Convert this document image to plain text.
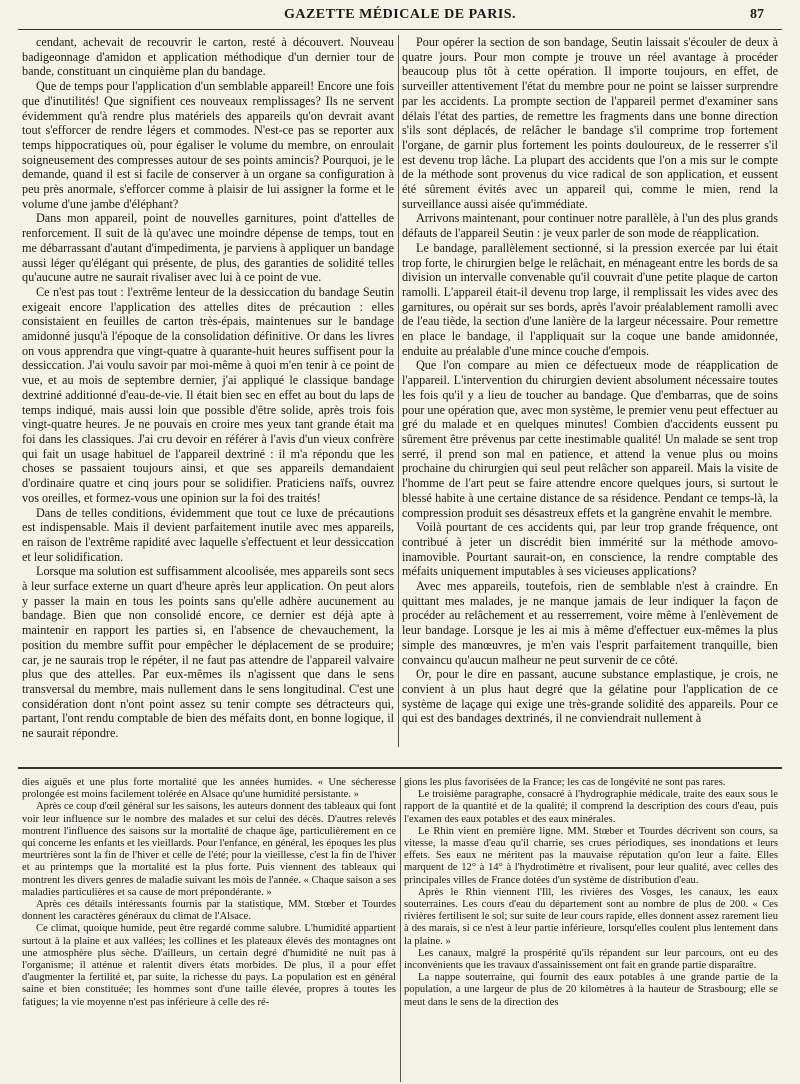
GAZETTE MÉDICALE DE PARIS.	87

cendant, achevait de recouvrir le carton, resté à découvert. Nouveau badigeonnage d'amidon et application méthodique d'un dernier tour de bande, constituant un cinquième plan du bandage.

Que de temps pour l'application d'un semblable appareil! Encore une fois que d'inutilités! Que signifient ces nouveaux remplissages? Ils ne servent évidemment qu'à rendre plus matériels des appareils qu'on devrait avant tout s'efforcer de rendre légers et commodes. N'est-ce pas se reporter aux temps hippocratiques où, pour égaliser le volume du membre, on enroulait soigneusement des compresses autour de ses points amincis? Pourquoi, je le demande, quand il est si facile de conserver à un organe sa configuration à peu près anormale, s'efforcer comme à plaisir de lui assigner la forme et le volume d'une jambe d'éléphant?

Dans mon appareil, point de nouvelles garnitures, point d'attelles de renforcement. Il suit de là qu'avec une moindre dépense de temps, tout en me débarrassant d'autant d'impedimenta, je parviens à appliquer un bandage aussi léger qu'élégant qui présente, de plus, des garanties de solidité telles qu'aucune autre ne saurait rivaliser avec lui à ce point de vue.

Ce n'est pas tout : l'extrême lenteur de la dessiccation du bandage Seutin exigeait encore l'application des attelles dites de précaution : elles consistaient en feuilles de carton très-épais, maintenues sur le bandage amidonné jusqu'à l'époque de la consolidation définitive. Or dans les livres on vous apprendra que vingt-quatre à quarante-huit heures suffisent pour la dessiccation. J'ai voulu savoir par moi-même à quoi m'en tenir à ce point de vue, et au mois de septembre dernier, j'ai appliqué le classique bandage dextriné additionné d'eau-de-vie. Il était bien sec en effet au bout du laps de temps indiqué, mais aussi loin que possible d'être solide, après trois fois vingt-quatre heures. Je ne pouvais en croire mes yeux tant grande était ma foi dans les classiques. J'ai cru devoir en référer à l'avis d'un vieux confrère qui fait un usage habituel de l'appareil dextriné : il m'a répondu que les choses se passaient toujours ainsi, et que ses appareils demandaient d'ordinaire quatre et cinq jours pour se solidifier. Praticiens naïfs, ouvrez vos oreilles, et formez-vous une opinion sur la foi des traités!

Dans de telles conditions, évidemment que tout ce luxe de précautions est indispensable. Mais il devient parfaitement inutile avec mes appareils, en raison de l'extrême rapidité avec laquelle s'effectuent et leur dessiccation et leur solidification.

Lorsque ma solution est suffisamment alcoolisée, mes appareils sont secs à leur surface externe un quart d'heure après leur application. On peut alors y passer la main en tous les points sans qu'elle adhère aucunement au bandage. Bien que non consolidé encore, ce dernier est déjà apte à maintenir en rapport les parties si, en l'absence de chevauchement, la position du membre suffit pour empêcher le déplacement de se produire; car, je ne saurais trop le répéter, il ne faut pas attendre de l'appareil valvaire plus que des attelles. Par eux-mêmes ils n'agissent que dans le sens transversal du membre, mais nullement dans le sens longitudinal. C'est une considération dont n'ont point assez su tenir compte ses détracteurs qui, partant, l'ont rendu comptable de bien des méfaits dont, en bonne logique, il ne saurait répondre.

Pour opérer la section de son bandage, Seutin laissait s'écouler de deux à quatre jours. Pour mon compte je trouve un réel avantage à procéder beaucoup plus tôt à cette opération. Il importe toujours, en effet, de surveiller attentivement l'état du membre pour ne point se laisser surprendre par les accidents. La prompte section de l'appareil permet d'examiner sans délais l'état des parties, de remettre les fragments dans une bonne direction s'ils sont déplacés, de relâcher le bandage s'il comprime trop fortement l'organe, de garnir plus fortement les points douloureux, de le resserrer s'il est devenu trop lâche. La plupart des accidents que l'on a mis sur le compte de la méthode sont provenus du vice radical de son application, et eussent été sûrement évités avec un appareil qui, comme le mien, rend la surveillance aussi aisée qu'immédiate.

Arrivons maintenant, pour continuer notre parallèle, à l'un des plus grands défauts de l'appareil Seutin : je veux parler de son mode de réapplication.

Le bandage, parallèlement sectionné, si la pression exercée par lui était trop forte, le chirurgien belge le relâchait, en ménageant entre les bords de sa division un intervalle convenable qu'il couvrait d'une petite plaque de carton ramolli. L'appareil était-il devenu trop large, il remplissait les vides avec des garnitures, ou opérait sur ses bords, après l'avoir préalablement ramolli avec de l'eau tiède, la section d'une lanière de la largeur nécessaire. Pour remettre en place le bandage, il l'appliquait sur la coque une bande amidonnée, enduite au préalable d'une mince couche d'empois.

Que l'on compare au mien ce défectueux mode de réapplication de l'appareil. L'intervention du chirurgien devient absolument nécessaire toutes les fois qu'il y a lieu de toucher au bandage. Que d'embarras, que de soins pour une opération que, avec mon système, le premier venu peut effectuer au gré du malade et en quelques minutes! Combien d'accidents eussent pu sûrement être prévenus par cette inestimable qualité! Un malade se sent trop serré, il prend son mal en patience, et attend la venue plus ou moins prochaine du chirurgien qui seul peut relâcher son appareil. Mais la visite de l'homme de l'art peut se faire attendre encore quelques jours, si surtout le blessé habite à une certaine distance de sa résidence. Pendant ce temps-là, la compression produit ses désastreux effets et la gangrène envahit le membre.

Voilà pourtant de ces accidents qui, par leur trop grande fréquence, ont contribué à jeter un discrédit bien immérité sur la méthode amovo-inamovible. Pourtant saurait-on, en conscience, la rendre comptable des méfaits uniquement imputables à ses vicieuses applications?

Avec mes appareils, toutefois, rien de semblable n'est à craindre. En quittant mes malades, je ne manque jamais de leur indiquer la façon de procéder au relâchement et au resserrement, voire même à l'enlèvement de leur bandage. Lorsque je les ai mis à même d'effectuer eux-mêmes la plus simple des manœuvres, je m'en vais l'esprit parfaitement tranquille, bien convaincu qu'aucun malheur ne peut survenir de ce côté.

Or, pour le dire en passant, aucune substance emplastique, je crois, ne convient à un plus haut degré que la gélatine pour l'application de ce système de laçage qui exige une très-grande solidité des appareils. Pour ce qui est des bandages dextrinés, il ne conviendrait nullement à

dies aiguës et une plus forte mortalité que les années humides. « Une sécheresse prolongée est moins facilement tolérée en Alsace qu'une humidité persistante. »

Après ce coup d'œil général sur les saisons, les auteurs donnent des tableaux qui font voir leur influence sur le nombre des malades et sur celui des décès. D'autres relevés montrent l'influence des saisons sur la mortalité de chaque âge, particulièrement en ce qui concerne les enfants et les vieillards. Pour l'enfance, en général, les époques les plus meurtrières sont la fin de l'hiver et celle de l'été; pour la vieillesse, c'est la fin de l'hiver et au printemps que la mortalité est la plus forte. Puis viennent des tableaux qui montrent les divers genres de maladie suivant les mois de l'année. « Chaque saison a ses maladies particulières et sa cause de mort prépondérante. »

Après ces détails intéressants fournis par la statistique, MM. Stœber et Tourdes donnent les caractères généraux du climat de l'Alsace.

Ce climat, quoique humide, peut être regardé comme salubre. L'humidité appartient surtout à la plaine et aux vallées; les collines et les plateaux élevés des montagnes ont une atmosphère plus sèche. D'ailleurs, un certain degré d'humidité ne nuit pas à l'organisme; il atténue et ralentit divers états morbides. De plus, il a pour effet d'augmenter la fertilité et, par suite, la richesse du pays. La population est en général saine et bien constituée; les hommes sont d'une taille élevée, propres à toutes les fatigues; la vie moyenne n'est pas inférieure à celle des ré-

gions les plus favorisées de la France; les cas de longévité ne sont pas rares.

Le troisième paragraphe, consacré à l'hydrographie médicale, traite des eaux sous le rapport de la quantité et de la qualité; il comprend la description des cours d'eau, puis l'examen des eaux potables et des eaux minérales.

Le Rhin vient en première ligne. MM. Stœber et Tourdes décrivent son cours, sa vitesse, la masse d'eau qu'il charrie, ses crues périodiques, ses inondations et leurs effets. Ses eaux ne méritent pas la mauvaise réputation qu'on leur a faite. Elles marquent de 12° à 14° à l'hydrotimètre et rivalisent, pour leur qualité, avec celles des principales villes de France dotées d'un système de distribution d'eau.

Après le Rhin viennent l'Ill, les rivières des Vosges, les canaux, les eaux souterraines. Les cours d'eau du département sont au nombre de plus de 200. « Ces rivières fertilisent le sol; sur suite de leur cours rapide, elles donnent assez rarement lieu à des marais, si ce n'est à leur partie inférieure, lorsqu'elles coulent plus lentement dans la plaine. »

Les canaux, malgré la prospérité qu'ils répandent sur leur parcours, ont eu des inconvénients que les travaux d'assainissement ont fait en grande partie disparaître.

La nappe souterraine, qui fournit des eaux potables à une grande partie de la population, a une largeur de plus de 20 kilomètres à la hauteur de Strasbourg; elle se meut dans le sens de la direction des
